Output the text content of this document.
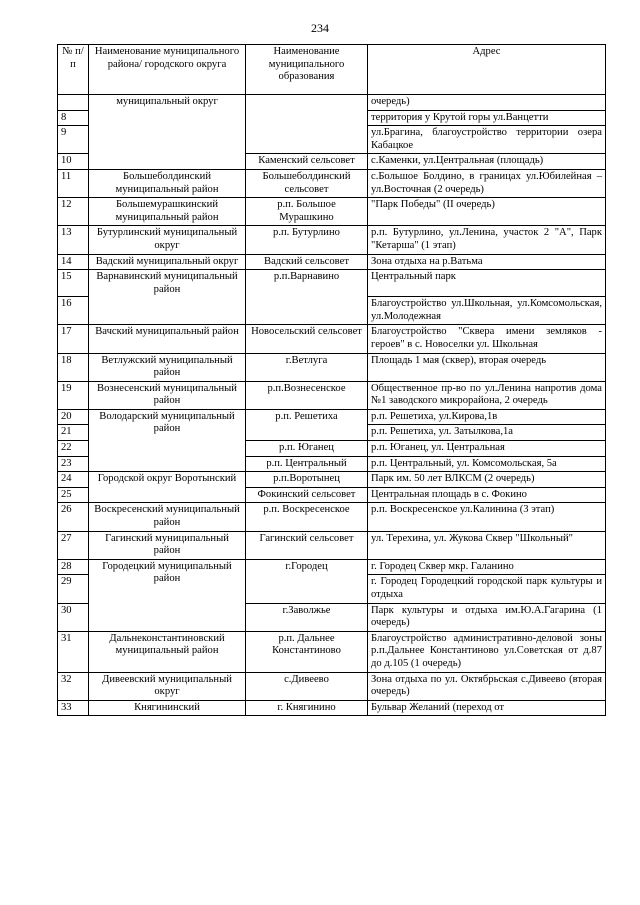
234
№ п/п	Наименование муниципального района/ городского округа	Наименование муниципального образования	Адрес
	муниципальный округ		очередь)
8			территория у Крутой горы ул.Ванцетти
9			ул.Брагина, благоустройство территории озера Кабацкое
10		Каменский сельсовет	с.Каменки, ул.Центральная (площадь)
11	Большеболдинский муниципальный район	Большеболдинский сельсовет	с.Большое Болдино, в границах ул.Юбилейная – ул.Восточная (2 очередь)
12	Большемурашкинский муниципальный район	р.п. Большое Мурашкино	"Парк Победы" (II очередь)
13	Бутурлинский муниципальный округ	р.п. Бутурлино	р.п. Бутурлино, ул.Ленина, участок 2 "А", Парк "Кетарша" (1 этап)
14	Вадский муниципальный округ	Вадский сельсовет	Зона отдыха на р.Ватьма
15	Варнавинский муниципальный район	р.п.Варнавино	Центральный парк
16			Благоустройство ул.Школьная, ул.Комсомольская, ул.Молодежная
17	Вачский муниципальный район	Новосельский сельсовет	Благоустройство "Сквера имени земляков - героев" в с. Новоселки ул. Школьная
18	Ветлужский муниципальный район	г.Ветлуга	Площадь 1 мая (сквер), вторая очередь
19	Вознесенский муниципальный район	р.п.Вознесенское	Общественное пр-во по ул.Ленина напротив дома №1 заводского микрорайона, 2 очередь
20	Володарский муниципальный район	р.п. Решетиха	р.п. Решетиха, ул.Кирова,1в
21			р.п. Решетиха, ул. Затылкова,1а
22		р.п. Юганец	р.п. Юганец, ул. Центральная
23		р.п. Центральный	р.п. Центральный, ул. Комсомольская, 5а
24	Городской округ Воротынский	р.п.Воротынец	Парк им. 50 лет ВЛКСМ (2 очередь)
25		Фокинский сельсовет	Центральная площадь в с. Фокино
26	Воскресенский муниципальный район	р.п. Воскресенское	р.п. Воскресенское ул.Калинина (3 этап)
27	Гагинский муниципальный район	Гагинский сельсовет	ул. Терехина, ул. Жукова Сквер "Школьный"
28	Городецкий муниципальный район	г.Городец	г. Городец Сквер мкр. Галанино
29			г. Городец Городецкий городской парк культуры и отдыха
30		г.Заволжье	Парк культуры и отдыха им.Ю.А.Гагарина (1 очередь)
31	Дальнеконстантиновский муниципальный район	р.п. Дальнее Константиново	Благоустройство административно-деловой зоны р.п.Дальнее Константиново ул.Советская от д.87 до д.105 (1 очередь)
32	Дивеевский муниципальный округ	с.Дивеево	Зона отдыха по ул. Октябрьская с.Дивеево (вторая очередь)
33	Княгининский	г. Княгинино	Бульвар Желаний (переход от
